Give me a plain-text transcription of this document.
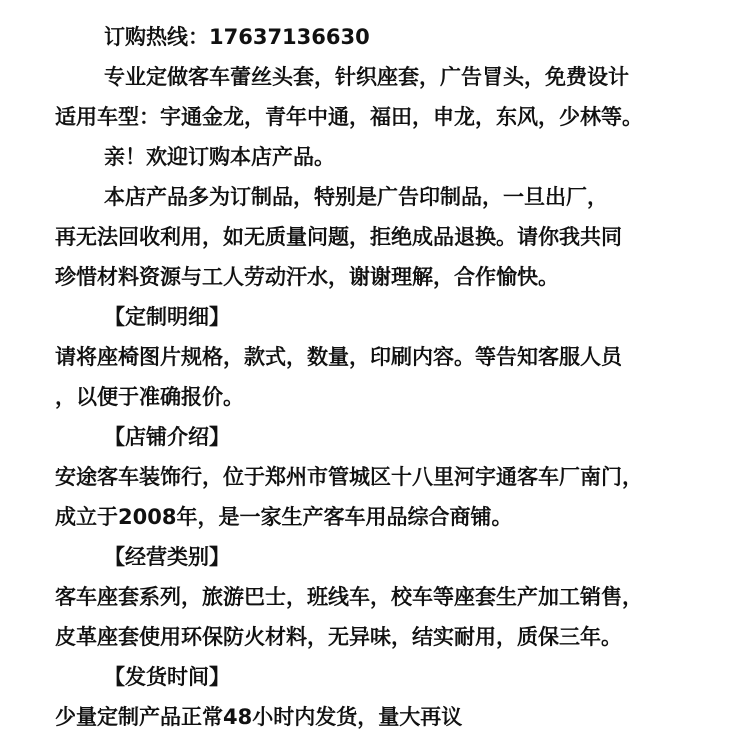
订购热线：17637136630
专业定做客车蕾丝头套，针织座套，广告冒头，免费设计
适用车型：宇通金龙，青年中通，福田，申龙，东风，少林等。
亲！欢迎订购本店产品。
本店产品多为订制品，特别是广告印制品，一旦出厂，
再无法回收利用，如无质量问题，拒绝成品退换。请你我共同
珍惜材料资源与工人劳动汗水，谢谢理解，合作愉快。
【定制明细】
请将座椅图片规格，款式，数量，印刷内容。等告知客服人员
，以便于准确报价。
【店铺介绍】
安途客车装饰行，位于郑州市管城区十八里河宇通客车厂南门，
成立于2008年，是一家生产客车用品综合商铺。
【经营类别】
客车座套系列，旅游巴士，班线车，校车等座套生产加工销售，
皮革座套使用环保防火材料，无异味，结实耐用，质保三年。
【发货时间】
少量定制产品正常48小时内发货，量大再议
